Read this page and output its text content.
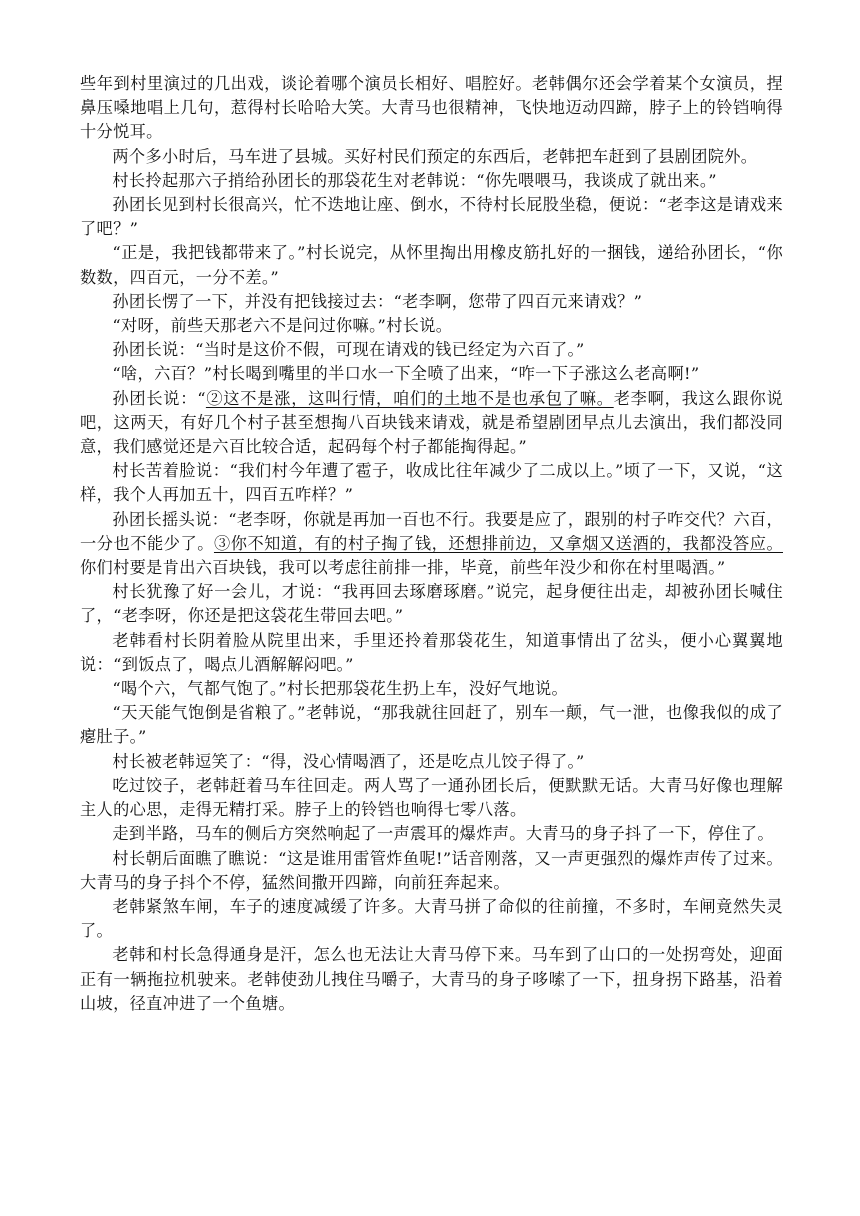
些年到村里演过的几出戏，谈论着哪个演员长相好、唱腔好。老韩偶尔还会学着某个女演员，捏鼻压嗓地唱上几句，惹得村长哈哈大笑。大青马也很精神，飞快地迈动四蹄，脖子上的铃铛响得十分悦耳。

两个多小时后，马车进了县城。买好村民们预定的东西后，老韩把车赶到了县剧团院外。

村长拎起那六子捎给孙团长的那袋花生对老韩说：“你先喂喂马，我谈成了就出来。”

孙团长见到村长很高兴，忙不迭地让座、倒水，不待村长屁股坐稳，便说：“老李这是请戏来了吧？”

“正是，我把钱都带来了。”村长说完，从怀里掏出用橡皮筋扎好的一捆钱，递给孙团长，“你数数，四百元，一分不差。”

孙团长愣了一下，并没有把钱接过去：“老李啊，您带了四百元来请戏？”

“对呀，前些天那老六不是问过你嘛。”村长说。

孙团长说：“当时是这价不假，可现在请戏的钱已经定为六百了。”

“啥，六百？”村长喝到嘴里的半口水一下全喷了出来，“咋一下子涨这么老高啊!”

孙团长说：“②这不是涨，这叫行情，咱们的土地不是也承包了嘛。老李啊，我这么跟你说吧，这两天，有好几个村子甚至想掏八百块钱来请戏，就是希望剧团早点儿去演出，我们都没同意，我们感觉还是六百比较合适，起码每个村子都能掏得起。”

村长苦着脸说：“我们村今年遭了雹子，收成比往年减少了二成以上。”顷了一下，又说，“这样，我个人再加五十，四百五咋样？”

孙团长摇头说：“老李呀，你就是再加一百也不行。我要是应了，跟别的村子咋交代？六百，一分也不能少了。③你不知道，有的村子掏了钱，还想排前边，又拿烟又送酒的，我都没答应。你们村要是肯出六百块钱，我可以考虑往前排一排，毕竟，前些年没少和你在村里喝酒。”

村长犹豫了好一会儿，才说：“我再回去琢磨琢磨。”说完，起身便往出走，却被孙团长喊住了，“老李呀，你还是把这袋花生带回去吧。”

老韩看村长阴着脸从院里出来，手里还拎着那袋花生，知道事情出了岔头，便小心翼翼地说：“到饭点了，喝点儿酒解解闷吧。”

“喝个六，气都气饱了。”村长把那袋花生扔上车，没好气地说。

“天天能气饱倒是省粮了。”老韩说，“那我就往回赶了，别车一颠，气一泄，也像我似的成了瘪肚子。”

村长被老韩逗笑了：“得，没心情喝酒了，还是吃点儿饺子得了。”

吃过饺子，老韩赶着马车往回走。两人骂了一通孙团长后，便默默无话。大青马好像也理解主人的心思，走得无精打采。脖子上的铃铛也响得七零八落。

走到半路，马车的侧后方突然响起了一声震耳的爆炸声。大青马的身子抖了一下，停住了。

村长朝后面瞧了瞧说：“这是谁用雷管炸鱼呢!”话音刚落，又一声更强烈的爆炸声传了过来。大青马的身子抖个不停，猛然间撒开四蹄，向前狂奔起来。

老韩紧煞车闸，车子的速度减缓了许多。大青马拼了命似的往前撞，不多时，车闸竟然失灵了。

老韩和村长急得通身是汗，怎么也无法让大青马停下来。马车到了山口的一处拐弯处，迎面正有一辆拖拉机驶来。老韩使劲儿拽住马嚼子，大青马的身子哆嗦了一下，扭身拐下路基，沿着山坡，径直冲进了一个鱼塘。
